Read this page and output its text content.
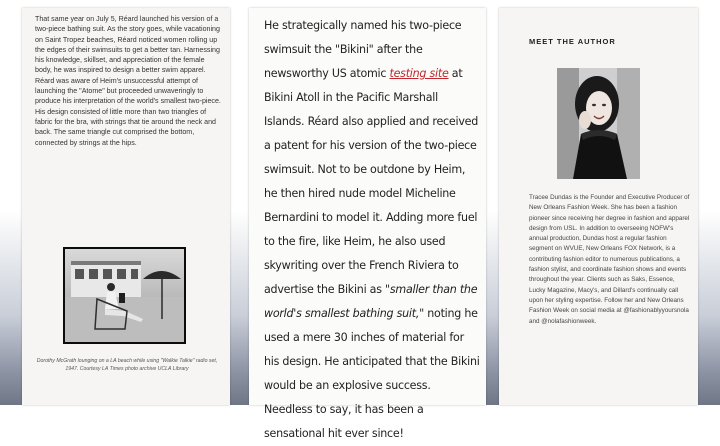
That same year on July 5, Réard launched his version of a two-piece bathing suit. As the story goes, while vacationing on Saint Tropez beaches, Réard noticed women rolling up the edges of their swimsuits to get a better tan. Harnessing his knowledge, skillset, and appreciation of the female body, he was inspired to design a better swim apparel. Réard was aware of Heim's unsuccessful attempt of launching the "Atome" but proceeded unwaveringly to produce his interpretation of the world's smallest two-piece. His design consisted of little more than two triangles of fabric for the bra, with strings that tie around the neck and back. The same triangle cut comprised the bottom, connected by strings at the hips.
Dorothy McGrath lounging on a LA beach while using "Walkie Talkie" radio set, 1947. Courtesy LA Times photo archive UCLA Library
He strategically named his two-piece swimsuit the "Bikini" after the newsworthy US atomic testing site at Bikini Atoll in the Pacific Marshall Islands. Réard also applied and received a patent for his version of the two-piece swimsuit. Not to be outdone by Heim, he then hired nude model Micheline Bernardini to model it. Adding more fuel to the fire, like Heim, he also used skywriting over the French Riviera to advertise the Bikini as "smaller than the world's smallest bathing suit," noting he used a mere 30 inches of material for his design. He anticipated that the Bikini would be an explosive success. Needless to say, it has been a sensational hit ever since!
MEET THE AUTHOR
Tracee Dundas is the Founder and Executive Producer of New Orleans Fashion Week. She has been a fashion pioneer since receiving her degree in fashion and apparel design from USL. In addition to overseeing NOFW's annual production, Dundas host a regular fashion segment on WVUE, New Orleans FOX Network, is a contributing fashion editor to numerous publications, a fashion stylist, and coordinate fashion shows and events throughout the year. Clients such as Saks, Essence, Lucky Magazine, Macy's, and Dillard's continually call upon her styling expertise. Follow her and New Orleans Fashion Week on social media at @fashionablyyoursnola and @nolafashionweek.
